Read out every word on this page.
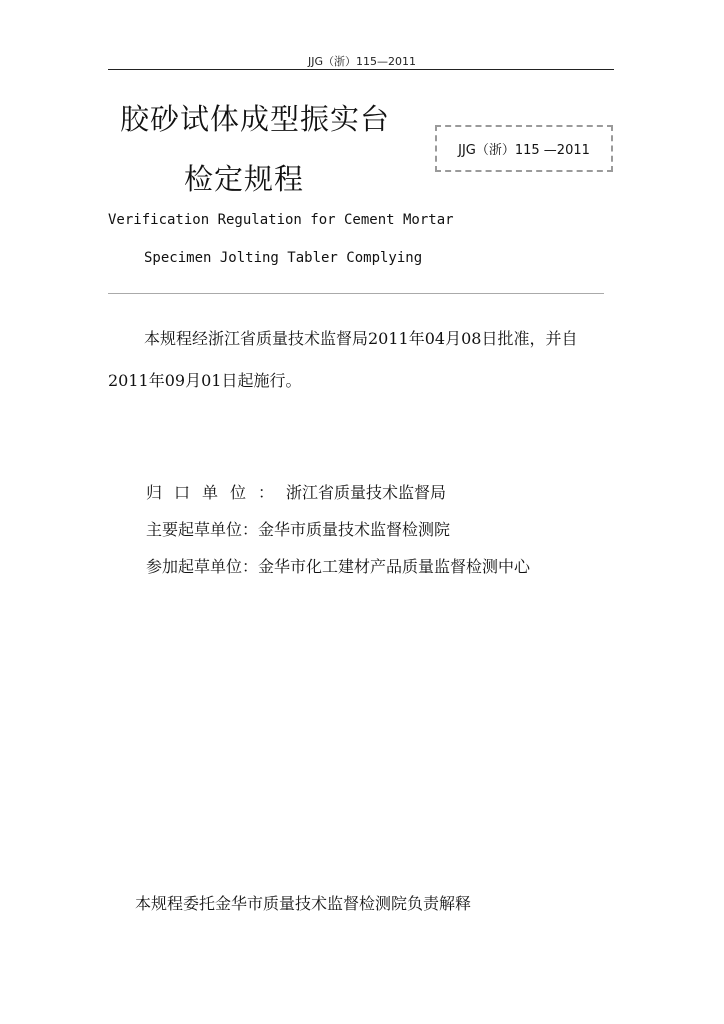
JJG（浙）115—2011
胶砂试体成型振实台
检定规程
JJG（浙）115 —2011
Verification Regulation for Cement Mortar
Specimen Jolting Tabler Complying
本规程经浙江省质量技术监督局2011年04月08日批准，并自
2011年09月01日起施行。
归口单位：浙江省质量技术监督局
主要起草单位：金华市质量技术监督检测院
参加起草单位：金华市化工建材产品质量监督检测中心
本规程委托金华市质量技术监督检测院负责解释
